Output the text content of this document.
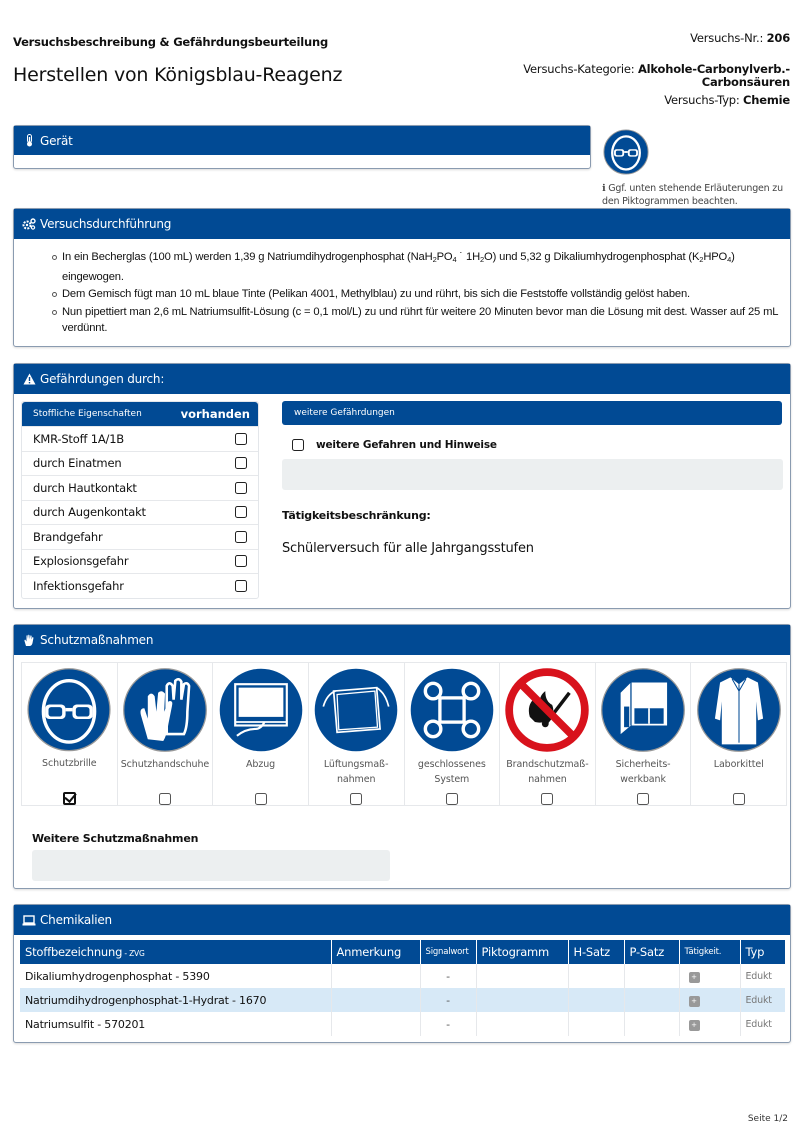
Versuchsbeschreibung & Gefährdungsbeurteilung
Herstellen von Königsblau-Reagenz
Versuchs-Nr.: 206
Versuchs-Kategorie: Alkohole-Carbonylverb.-
Carbonsäuren
Versuchs-Typ: Chemie
Gerät
ℹ︎ Ggf. unten stehende Erläuterungen zu den Piktogrammen beachten.
Versuchsdurchführung
In ein Becherglas (100 mL) werden 1,39 g Natriumdihydrogenphosphat ($NaH_2PO_4$ ˙ $1H_2O$) und 5,32 g Dikaliumhydrogenphosphat $(K_2HPO_4)$ eingewogen.
Dem Gemisch fügt man 10 mL blaue Tinte (Pelikan 4001, Methylblau) zu und rührt, bis sich die Feststoffe vollständig gelöst haben.
Nun pipettiert man 2,6 mL Natriumsulfit-Lösung (c = 0,1 mol/L) zu und rührt für weitere 20 Minuten bevor man die Lösung mit dest. Wasser auf 25 mL verdünnt.
Gefährdungen durch:
Stoffliche Eigenschaften	vorhanden
KMR-Stoff 1A/1B
durch Einatmen
durch Hautkontakt
durch Augenkontakt
Brandgefahr
Explosionsgefahr
Infektionsgefahr
weitere Gefährdungen
weitere Gefahren und Hinweise
Tätigkeitsbeschränkung:
Schülerversuch für alle Jahrgangsstufen
Schutzmaßnahmen
Schutzbrille	Schutzhandschuhe	Abzug	Lüftungsmaß-
nahmen
geschlossenes
System
Brandschutzmaß-
nahmen
Sicherheits-
werkbank
Laborkittel
Weitere Schutzmaßnahmen
Chemikalien
Stoffbezeichnung - ZVG	Anmerkung	Signalwort	Piktogramm	H-Satz	P-Satz	Tätigkeit.	Typ
Dikaliumhydrogenphosphat - 5390		-				+	Edukt
Natriumdihydrogenphosphat-1-Hydrat - 1670		-				+	Edukt
Natriumsulfit - 570201		-				+	Edukt
Seite 1/2
